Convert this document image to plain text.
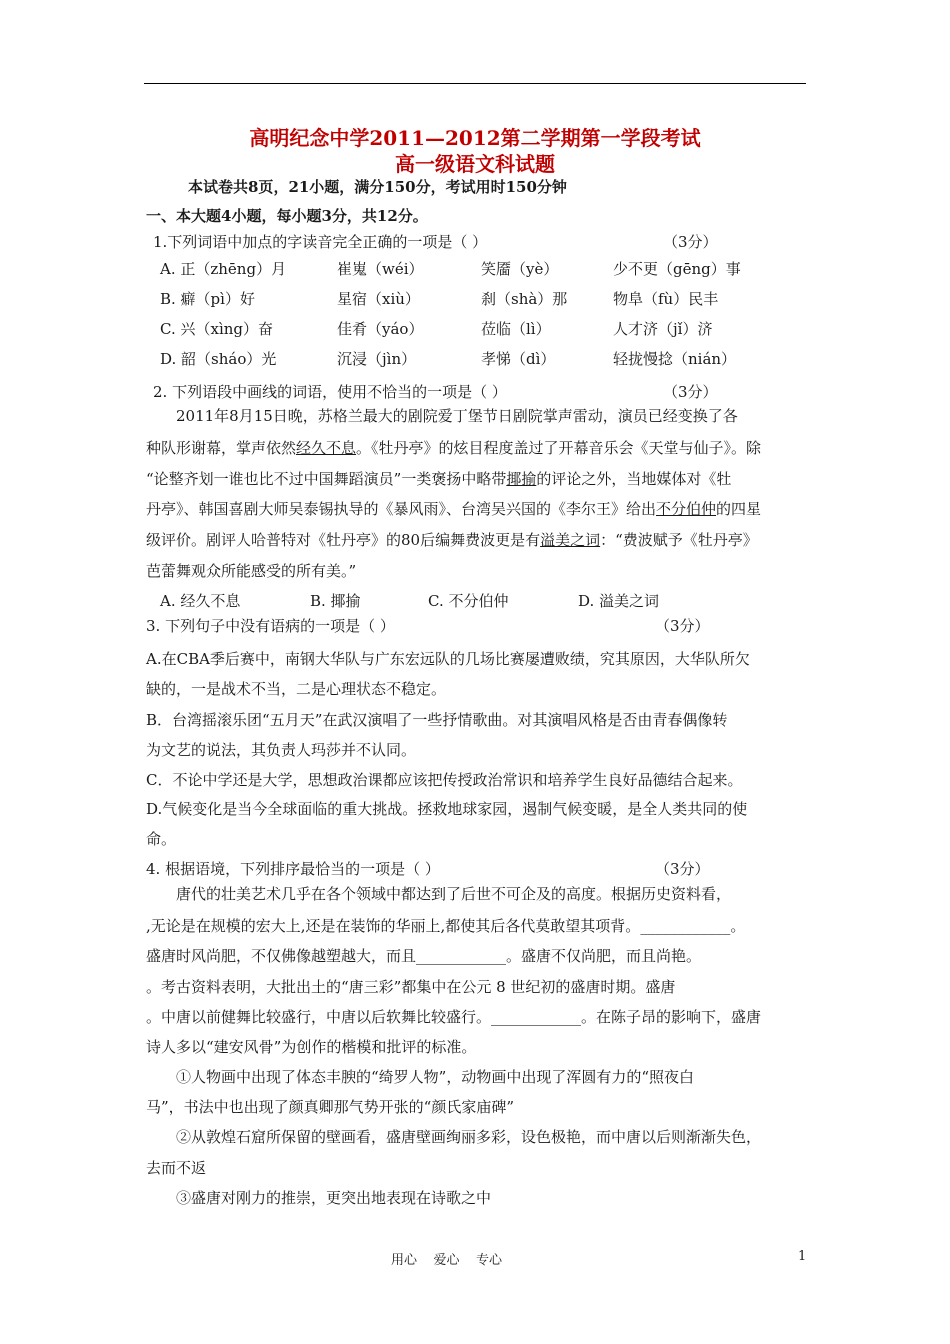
高明纪念中学2011—2012第二学期第一学段考试
高一级语文科试题
本试卷共8页，21小题，满分150分，考试用时150分钟
一、本大题4小题，每小题3分，共12分。
1.下列词语中加点的字读音完全正确的一项是（ ）	（3分）
A. 正（zhēng）月	崔嵬（wéi）	笑靥（yè）	少不更（gēng）事
B. 癖（pì）好	星宿（xiù）	刹（shà）那	物阜（fù）民丰
C. 兴（xìng）奋	佳肴（yáo）	莅临（lì）	人才济（jǐ）济
D. 韶（sháo）光	沉浸（jìn）	孝悌（dì）	轻拢慢捻（nián）
2. 下列语段中画线的词语，使用不恰当的一项是（ ）	（3分）
2011年8月15日晚，苏格兰最大的剧院爱丁堡节日剧院掌声雷动，演员已经变换了各
种队形谢幕，掌声依然经久不息。《牡丹亭》的炫目程度盖过了开幕音乐会《天堂与仙子》。除
“论整齐划一谁也比不过中国舞蹈演员”一类褒扬中略带揶揄的评论之外，当地媒体对《牡
丹亭》、韩国喜剧大师吴泰锡执导的《暴风雨》、台湾吴兴国的《李尔王》给出不分伯仲的四星
级评价。剧评人哈普特对《牡丹亭》的80后编舞费波更是有溢美之词：“费波赋予《牡丹亭》
芭蕾舞观众所能感受的所有美。”
A. 经久不息	B. 揶揄	C. 不分伯仲	D. 溢美之词
3. 下列句子中没有语病的一项是（ ）	（3分）
A.在CBA季后赛中，南钢大华队与广东宏远队的几场比赛屡遭败绩，究其原因，大华队所欠
缺的，一是战术不当，二是心理状态不稳定。
B．台湾摇滚乐团“五月天”在武汉演唱了一些抒情歌曲。对其演唱风格是否由青春偶像转
为文艺的说法，其负责人玛莎并不认同。
C．不论中学还是大学，思想政治课都应该把传授政治常识和培养学生良好品德结合起来。
D.气候变化是当今全球面临的重大挑战。拯救地球家园，遏制气候变暖，是全人类共同的使
命。
4. 根据语境，下列排序最恰当的一项是（ ）	（3分）
唐代的壮美艺术几乎在各个领域中都达到了后世不可企及的高度。根据历史资料看，
,无论是在规模的宏大上,还是在装饰的华丽上,都使其后各代莫敢望其项背。____________。
盛唐时风尚肥，不仅佛像越塑越大，而且____________。盛唐不仅尚肥，而且尚艳。
。考古资料表明，大批出土的“唐三彩”都集中在公元 8 世纪初的盛唐时期。盛唐
。中唐以前健舞比较盛行，中唐以后软舞比较盛行。____________。在陈子昂的影响下，盛唐
诗人多以“建安风骨”为创作的楷模和批评的标准。
①人物画中出现了体态丰腴的“绮罗人物”，动物画中出现了浑圆有力的“照夜白
马”，书法中也出现了颜真卿那气势开张的“颜氏家庙碑”
②从敦煌石窟所保留的壁画看，盛唐壁画绚丽多彩，设色极艳，而中唐以后则渐渐失色，
去而不返
③盛唐对刚力的推崇，更突出地表现在诗歌之中
用心    爱心    专心	1
